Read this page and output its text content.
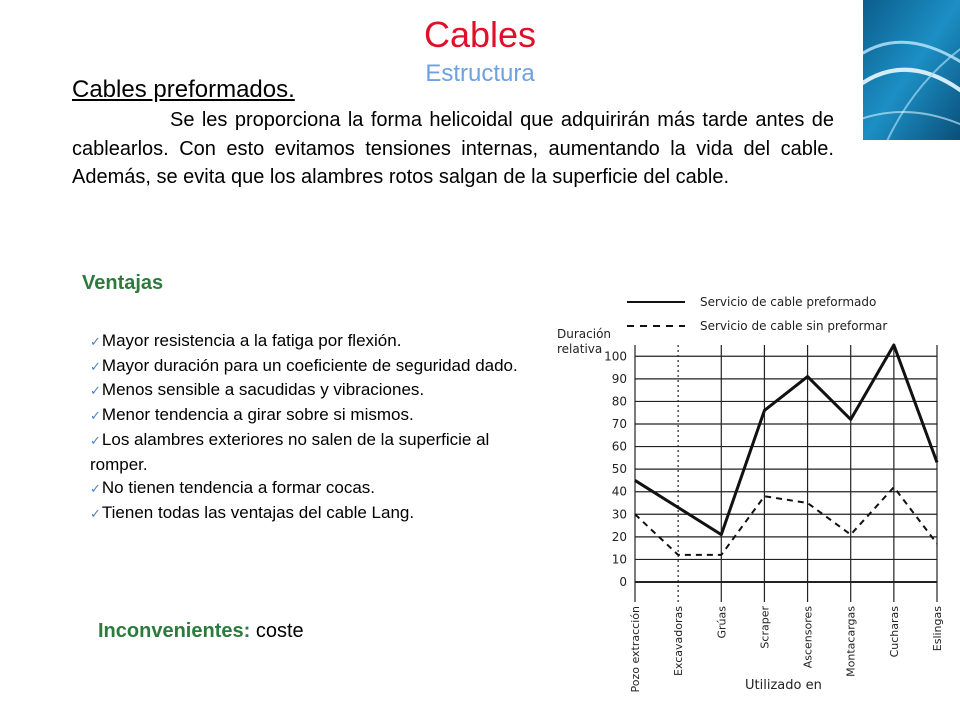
Cables
Estructura
Cables preformados.

Se les proporciona la forma helicoidal que adquirirán más tarde antes de cablearlos. Con esto evitamos tensiones internas, aumentando la vida del cable. Además, se evita que los alambres rotos salgan de la superficie del cable.

Ventajas
✓Mayor resistencia a la fatiga por flexión.
✓Mayor duración para un coeficiente de seguridad dado.
✓Menos sensible a sacudidas y vibraciones.
✓Menor tendencia a girar sobre si mismos.
✓Los alambres exteriores no salen de la superficie al romper.
✓No tienen tendencia a formar cocas.
✓Tienen todas las ventajas del cable Lang.
Inconvenientes: coste
Servicio de cable preformado
Servicio de cable sin preformar
Duración
relativa
0
10
20
30
40
50
60
70
80
90
100
Pozo extracción	Excavadoras	Grúas	Scraper	Ascensores	Montacargas	Cucharas	Eslingas
Utilizado en
